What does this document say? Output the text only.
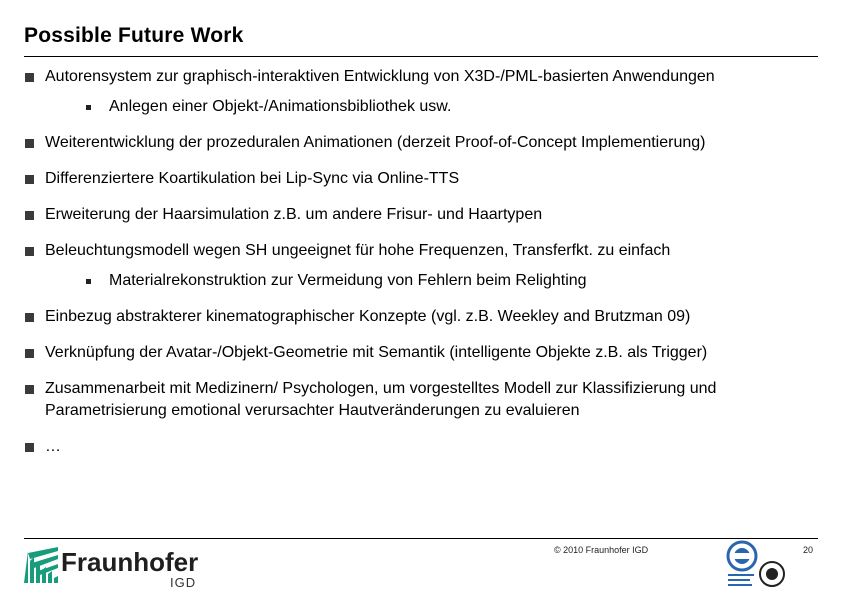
Possible Future Work
Autorensystem zur graphisch-interaktiven Entwicklung von X3D-/PML-basierten Anwendungen
Anlegen einer Objekt-/Animationsbibliothek usw.
Weiterentwicklung der prozeduralen Animationen (derzeit Proof-of-Concept Implementierung)
Differenziertere Koartikulation bei Lip-Sync via Online-TTS
Erweiterung der Haarsimulation z.B. um andere Frisur- und Haartypen
Beleuchtungsmodell wegen SH ungeeignet für hohe Frequenzen, Transferfkt. zu einfach
Materialrekonstruktion zur Vermeidung von Fehlern beim Relighting
Einbezug abstrakterer kinematographischer Konzepte (vgl. z.B. Weekley and Brutzman 09)
Verknüpfung der Avatar-/Objekt-Geometrie mit Semantik (intelligente Objekte z.B. als Trigger)
Zusammenarbeit mit Medizinern/ Psychologen, um vorgestelltes Modell zur Klassifizierung und Parametrisierung emotional verursachter Hautveränderungen zu evaluieren
…
Fraunhofer
IGD
© 2010 Fraunhofer IGD	20
